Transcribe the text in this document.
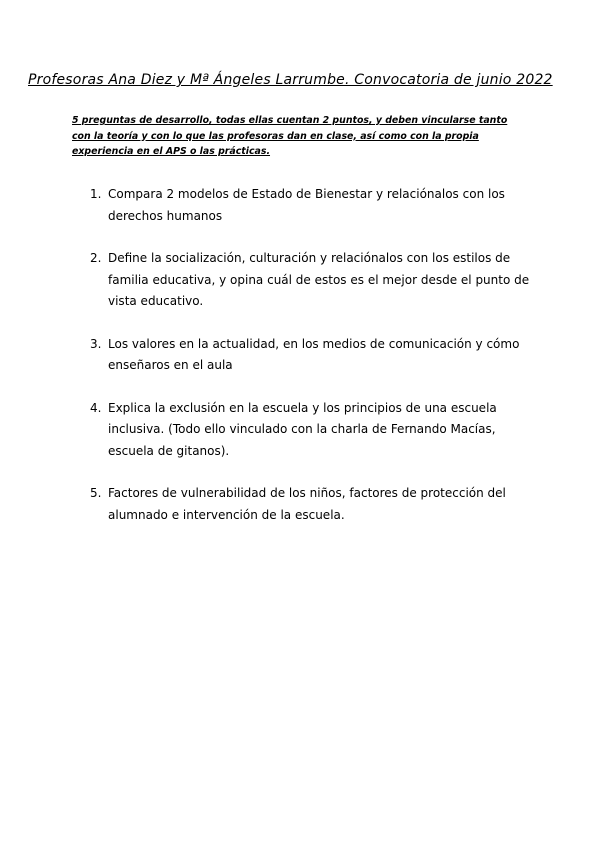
Profesoras Ana Diez y Mª Ángeles Larrumbe. Convocatoria de junio 2022
5 preguntas de desarrollo, todas ellas cuentan 2 puntos, y deben vincularse tanto con la teoría y con lo que las profesoras dan en clase, así como con la propia experiencia en el APS o las prácticas.
1. Compara 2 modelos de Estado de Bienestar y relaciónalos con los derechos humanos
2. Define la socialización, culturación y relaciónalos con los estilos de familia educativa, y opina cuál de estos es el mejor desde el punto de vista educativo.
3. Los valores en la actualidad, en los medios de comunicación y cómo enseñaros en el aula
4. Explica la exclusión en la escuela y los principios de una escuela inclusiva. (Todo ello vinculado con la charla de Fernando Macías, escuela de gitanos).
5. Factores de vulnerabilidad de los niños, factores de protección del alumnado e intervención de la escuela.
